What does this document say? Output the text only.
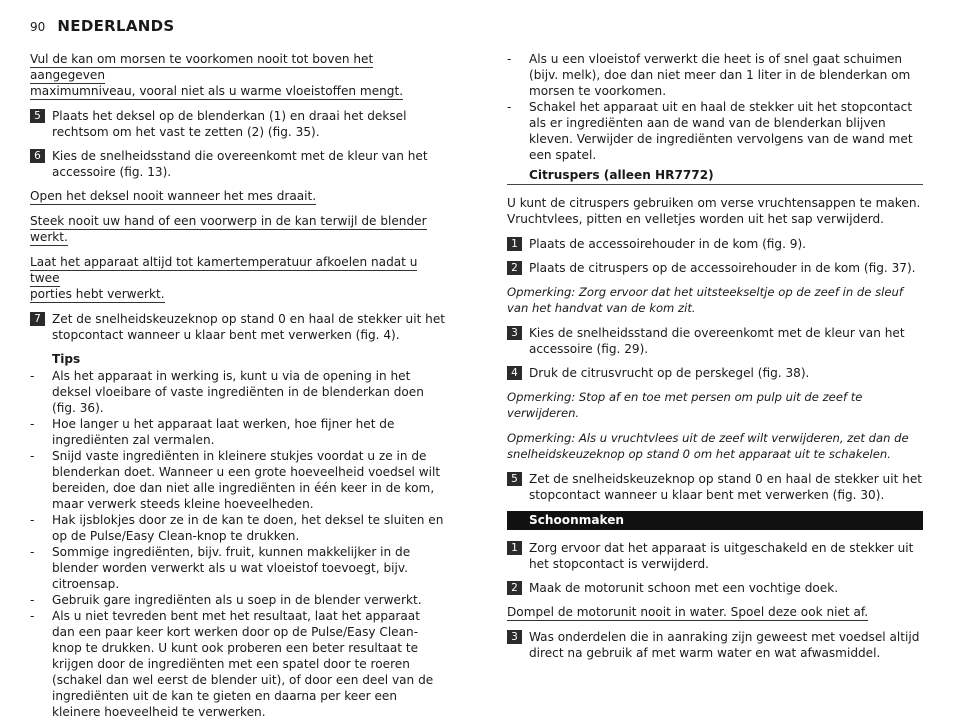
90 NEDERLANDS

Vul de kan om morsen te voorkomen nooit tot boven het aangegeven
maximumniveau, vooral niet als u warme vloeistoffen mengt.

5 Plaats het deksel op de blenderkan (1) en draai het deksel rechtsom om het vast te zetten (2) (fig. 35).
6 Kies de snelheidsstand die overeenkomt met de kleur van het accessoire (fig. 13).

Open het deksel nooit wanneer het mes draait.

Steek nooit uw hand of een voorwerp in de kan terwijl de blender
werkt.

Laat het apparaat altijd tot kamertemperatuur afkoelen nadat u twee
porties hebt verwerkt.

7 Zet de snelheidskeuzeknop op stand 0 en haal de stekker uit het stopcontact wanneer u klaar bent met verwerken (fig. 4).
Tips

- Als het apparaat in werking is, kunt u via de opening in het deksel vloeibare of vaste ingrediënten in de blenderkan doen (fig. 36).

- Hoe langer u het apparaat laat werken, hoe fijner het de ingrediënten zal vermalen.

- Snijd vaste ingrediënten in kleinere stukjes voordat u ze in de blenderkan doet. Wanneer u een grote hoeveelheid voedsel wilt bereiden, doe dan niet alle ingrediënten in één keer in de kom, maar verwerk steeds kleine hoeveelheden.

- Hak ijsblokjes door ze in de kan te doen, het deksel te sluiten en op de Pulse/Easy Clean-knop te drukken.

- Sommige ingrediënten, bijv. fruit, kunnen makkelijker in de blender worden verwerkt als u wat vloeistof toevoegt, bijv. citroensap.

- Gebruik gare ingrediënten als u soep in de blender verwerkt.

- Als u niet tevreden bent met het resultaat, laat het apparaat dan een paar keer kort werken door op de Pulse/Easy Clean-knop te drukken. U kunt ook proberen een beter resultaat te krijgen door de ingrediënten met een spatel door te roeren (schakel dan wel eerst de blender uit), of door een deel van de ingrediënten uit de kan te gieten en daarna per keer een kleinere hoeveelheid te verwerken.

- Als u een vloeistof verwerkt die heet is of snel gaat schuimen (bijv. melk), doe dan niet meer dan 1 liter in de blenderkan om morsen te voorkomen.

- Schakel het apparaat uit en haal de stekker uit het stopcontact als er ingrediënten aan de wand van de blenderkan blijven kleven. Verwijder de ingrediënten vervolgens van de wand met een spatel.

Citruspers (alleen HR7772)

U kunt de citruspers gebruiken om verse vruchtensappen te maken. Vruchtvlees, pitten en velletjes worden uit het sap verwijderd.

1 Plaats de accessoirehouder in de kom (fig. 9).
2 Plaats de citruspers op de accessoirehouder in de kom (fig. 37).

Opmerking: Zorg ervoor dat het uitsteekseltje op de zeef in de sleuf van het handvat van de kom zit.

3 Kies de snelheidsstand die overeenkomt met de kleur van het accessoire (fig. 29).
4 Druk de citrusvrucht op de perskegel (fig. 38).

Opmerking: Stop af en toe met persen om pulp uit de zeef te verwijderen.

Opmerking: Als u vruchtvlees uit de zeef wilt verwijderen, zet dan de snelheidskeuzeknop op stand 0 om het apparaat uit te schakelen.

5 Zet de snelheidskeuzeknop op stand 0 en haal de stekker uit het stopcontact wanneer u klaar bent met verwerken (fig. 30).
Schoonmaken
1 Zorg ervoor dat het apparaat is uitgeschakeld en de stekker uit het stopcontact is verwijderd.
2 Maak de motorunit schoon met een vochtige doek.

Dompel de motorunit nooit in water. Spoel deze ook niet af.

3 Was onderdelen die in aanraking zijn geweest met voedsel altijd direct na gebruik af met warm water en wat afwasmiddel.
